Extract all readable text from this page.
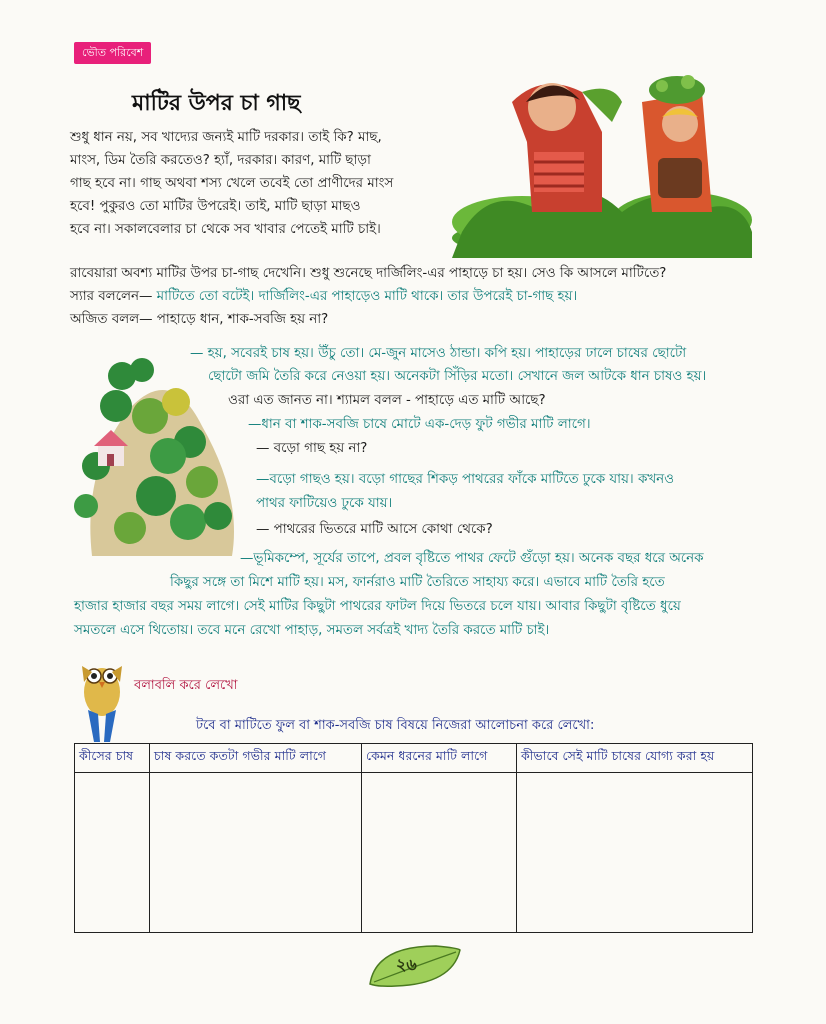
ভৌত পরিবেশ
মাটির উপর চা গাছ
শুধু ধান নয়, সব খাদ্যের জন্যই মাটি দরকার। তাই কি? মাছ,
মাংস, ডিম তৈরি করতেও? হ্যাঁ, দরকার। কারণ, মাটি ছাড়া
গাছ হবে না। গাছ অথবা শস্য খেলে তবেই তো প্রাণীদের মাংস
হবে! পুকুরও তো মাটির উপরেই। তাই, মাটি ছাড়া মাছও
হবে না। সকালবেলার চা থেকে সব খাবার পেতেই মাটি চাই।
রাবেয়ারা অবশ্য মাটির উপর চা-গাছ দেখেনি। শুধু শুনেছে দার্জিলিং-এর পাহাড়ে চা হয়। সেও কি আসলে মাটিতে?
স্যার বললেন— মাটিতে তো বটেই। দার্জিলিং-এর পাহাড়েও মাটি থাকে। তার উপরেই চা-গাছ হয়।
অজিত বলল— পাহাড়ে ধান, শাক-সবজি হয় না?
— হয়, সবেরই চাষ হয়। উঁচু তো। মে-জুন মাসেও ঠান্ডা। কপি হয়। পাহাড়ের ঢালে চাষের ছোটো
ছোটো জমি তৈরি করে নেওয়া হয়। অনেকটা সিঁড়ির মতো। সেখানে জল আটকে ধান চাষও হয়।
ওরা এত জানত না। শ্যামল বলল - পাহাড়ে এত মাটি আছে?
—ধান বা শাক-সবজি চাষে মোটে এক-দেড় ফুট গভীর মাটি লাগে।
— বড়ো গাছ হয় না?
—বড়ো গাছও হয়। বড়ো গাছের শিকড় পাথরের ফাঁকে মাটিতে ঢুকে যায়। কখনও
পাথর ফাটিয়েও ঢুকে যায়।
— পাথরের ভিতরে মাটি আসে কোথা থেকে?
—ভূমিকম্পে, সূর্যের তাপে, প্রবল বৃষ্টিতে পাথর ফেটে গুঁড়ো হয়। অনেক বছর ধরে অনেক
কিছুর সঙ্গে তা মিশে মাটি হয়। মস, ফার্নরাও মাটি তৈরিতে সাহায্য করে। এভাবে মাটি তৈরি হতে
হাজার হাজার বছর সময় লাগে। সেই মাটির কিছুটা পাথরের ফাটল দিয়ে ভিতরে চলে যায়। আবার কিছুটা বৃষ্টিতে ধুয়ে
সমতলে এসে থিতোয়। তবে মনে রেখো পাহাড়, সমতল সর্বত্রই খাদ্য তৈরি করতে মাটি চাই।
বলাবলি করে লেখো
টবে বা মাটিতে ফুল বা শাক-সবজি চাষ বিষয়ে নিজেরা আলোচনা করে লেখো:
কীসের চাষ	চাষ করতে কতটা গভীর মাটি লাগে	কেমন ধরনের মাটি লাগে	কীভাবে সেই মাটি চাষের যোগ্য করা হয়

২৬
